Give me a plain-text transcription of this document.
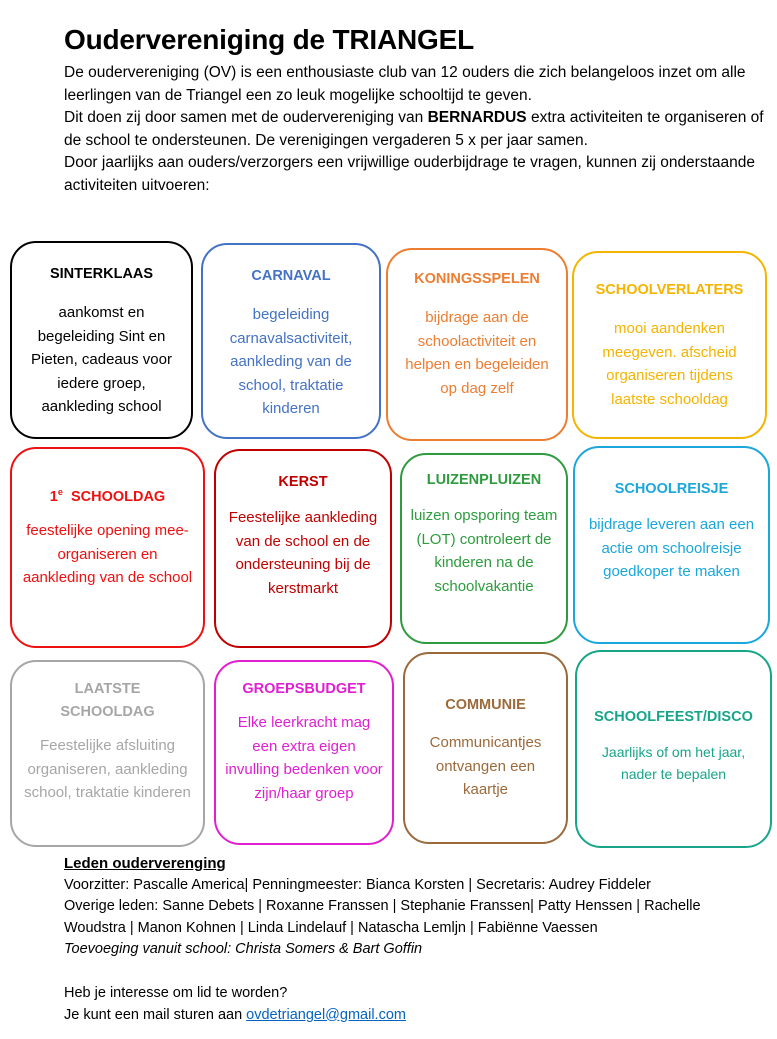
Oudervereniging de TRIANGEL

De oudervereniging (OV) is een enthousiaste club van 12 ouders die zich belangeloos inzet om alle leerlingen van de Triangel een zo leuk mogelijke schooltijd te geven.

Dit doen zij door samen met de oudervereniging van BERNARDUS extra activiteiten te organiseren of de school te ondersteunen. De verenigingen vergaderen 5 x per jaar samen.

Door jaarlijks aan ouders/verzorgers een vrijwillige ouderbijdrage te vragen, kunnen zij onderstaande activiteiten uitvoeren:

SINTERKLAAS
aankomst en begeleiding Sint en Pieten, cadeaus voor iedere groep, aankleding school
CARNAVAL
begeleiding carnavalsactiviteit, aankleding van de school, traktatie kinderen
KONINGSSPELEN
bijdrage aan de schoolactiviteit en helpen en begeleiden op dag zelf
SCHOOLVERLATERS
mooi aandenken meegeven. afscheid organiseren tijdens laatste schooldag
1e SCHOOLDAG
feestelijke opening mee-organiseren en aankleding van de school
KERST
Feestelijke aankleding van de school en de ondersteuning bij de kerstmarkt
LUIZENPLUIZEN
luizen opsporing team (LOT) controleert de kinderen na de schoolvakantie
SCHOOLREISJE
bijdrage leveren aan een actie om schoolreisje goedkoper te maken
LAATSTE SCHOOLDAG
Feestelijke afsluiting organiseren, aankleding school, traktatie kinderen
GROEPSBUDGET
Elke leerkracht mag een extra eigen invulling bedenken voor zijn/haar groep
COMMUNIE
Communicantjes ontvangen een kaartje
SCHOOLFEEST/DISCO
Jaarlijks of om het jaar, nader te bepalen

Leden ouderverenging

Voorzitter: Pascalle America| Penningmeester: Bianca Korsten | Secretaris: Audrey Fiddeler

Overige leden: Sanne Debets | Roxanne Franssen | Stephanie Franssen| Patty Henssen | Rachelle Woudstra | Manon Kohnen | Linda Lindelauf | Natascha Lemljn | Fabiënne Vaessen

Toevoeging vanuit school: Christa Somers & Bart Goffin

Heb je interesse om lid te worden?

Je kunt een mail sturen aan ovdetriangel@gmail.com
